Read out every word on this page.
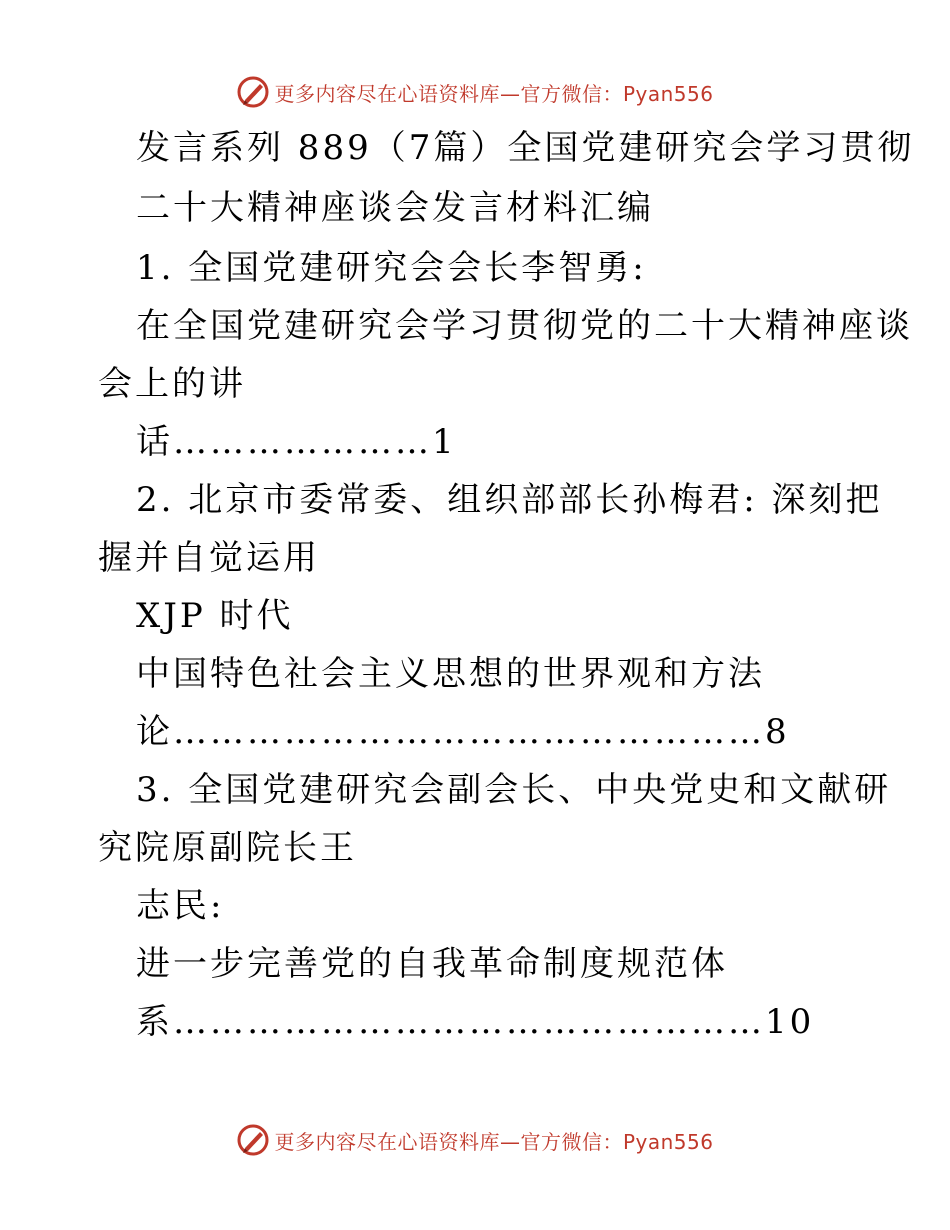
更多内容尽在心语资料库—官方微信：Pyan556
发言系列 889（7篇）全国党建研究会学习贯彻
二十大精神座谈会发言材料汇编
1. 全国党建研究会会长李智勇:
在全国党建研究会学习贯彻党的二十大精神座谈
会上的讲
话…………………1
2. 北京市委常委、组织部部长孙梅君: 深刻把
握并自觉运用
XJP 时代
中国特色社会主义思想的世界观和方法
论…………………………………………8
3. 全国党建研究会副会长、中央党史和文献研
究院原副院长王
志民:
进一步完善党的自我革命制度规范体
系…………………………………………10
更多内容尽在心语资料库—官方微信：Pyan556
